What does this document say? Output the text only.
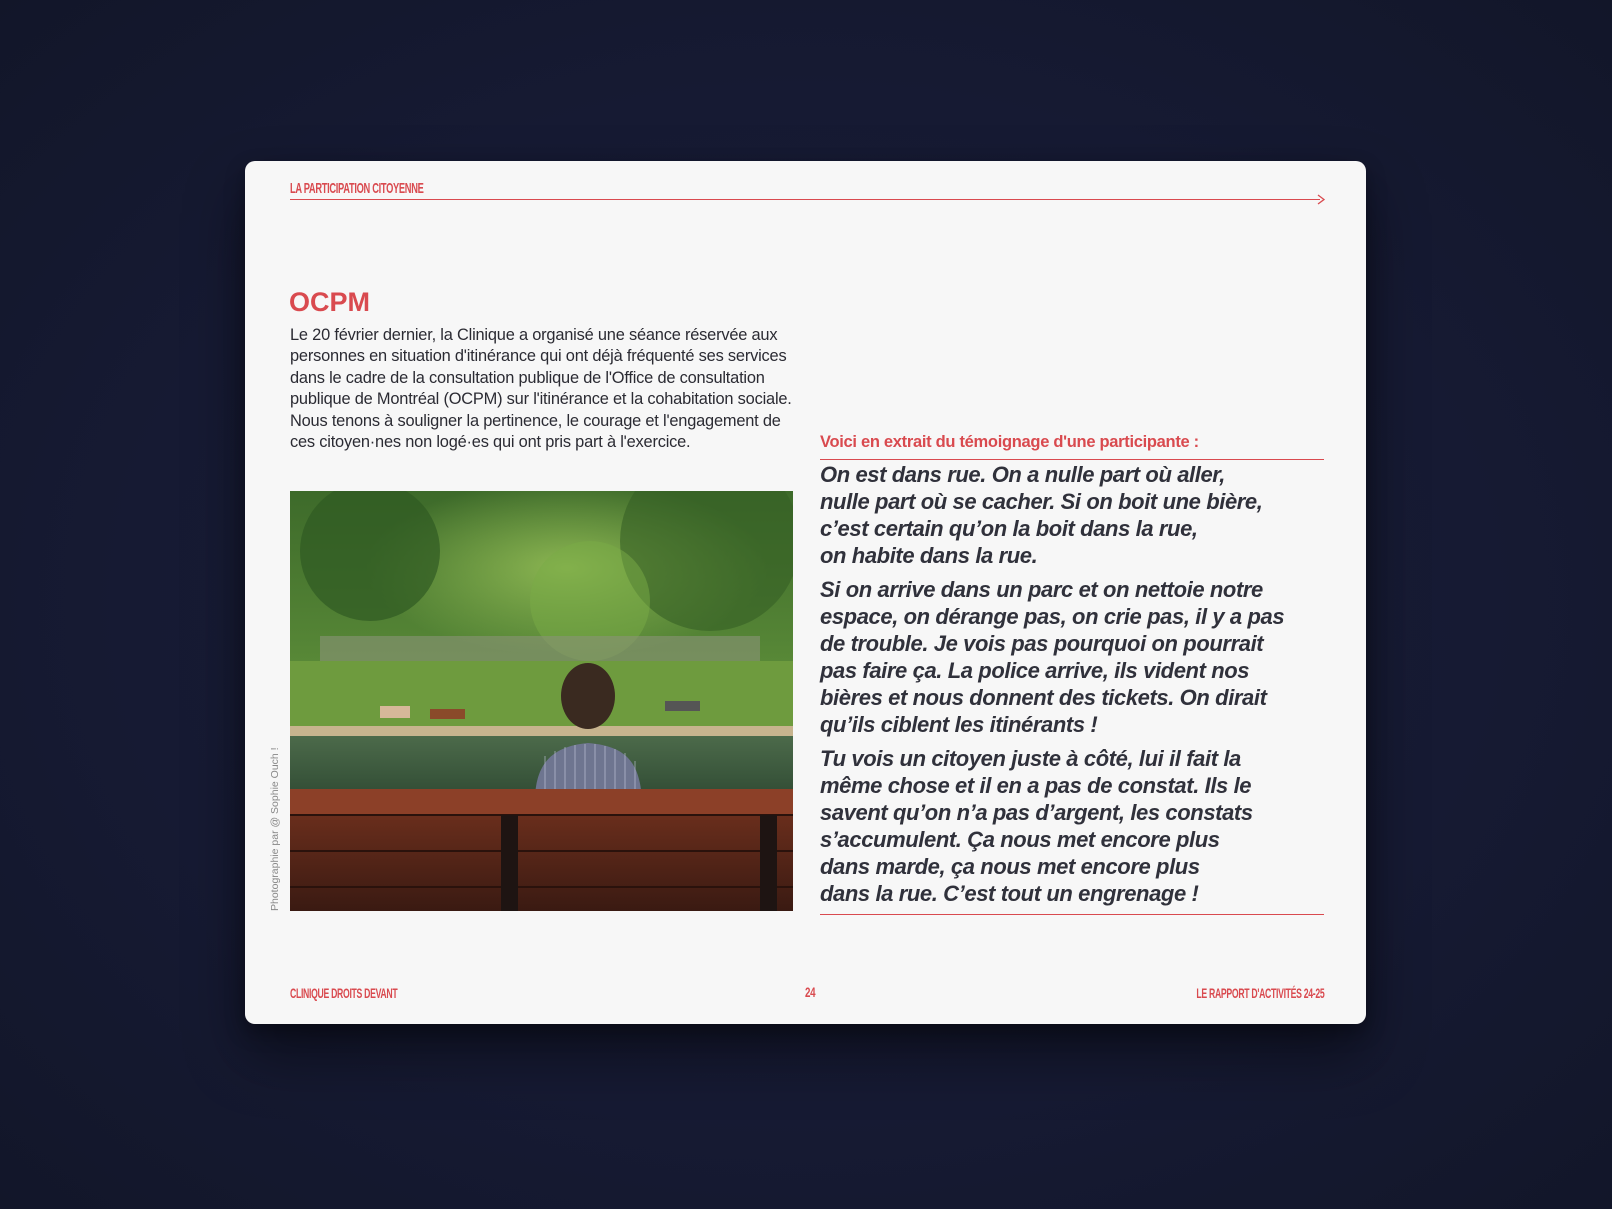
LA PARTICIPATION CITOYENNE
OCPM

Le 20 février dernier, la Clinique a organisé une séance réservée aux personnes en situation d'itinérance qui ont déjà fréquenté ses services dans le cadre de la consultation publique de l'Office de consultation publique de Montréal (OCPM) sur l'itinérance et la cohabitation sociale. Nous tenons à souligner la pertinence, le courage et l'engagement de ces citoyen·nes non logé·es qui ont pris part à l'exercice.

Photographie par @ Sophie Ouch !
Voici en extrait du témoignage d'une participante :

On est dans rue. On a nulle part où aller,
nulle part où se cacher. Si on boit une bière,
c’est certain qu’on la boit dans la rue,
on habite dans la rue.

Si on arrive dans un parc et on nettoie notre
espace, on dérange pas, on crie pas, il y a pas
de trouble. Je vois pas pourquoi on pourrait
pas faire ça. La police arrive, ils vident nos
bières et nous donnent des tickets. On dirait
qu’ils ciblent les itinérants !

Tu vois un citoyen juste à côté, lui il fait la
même chose et il en a pas de constat. Ils le
savent qu’on n’a pas d’argent, les constats
s’accumulent. Ça nous met encore plus
dans marde, ça nous met encore plus
dans la rue. C’est tout un engrenage !

CLINIQUE DROITS DEVANT	24	LE RAPPORT D'ACTIVITÉS 24-25
